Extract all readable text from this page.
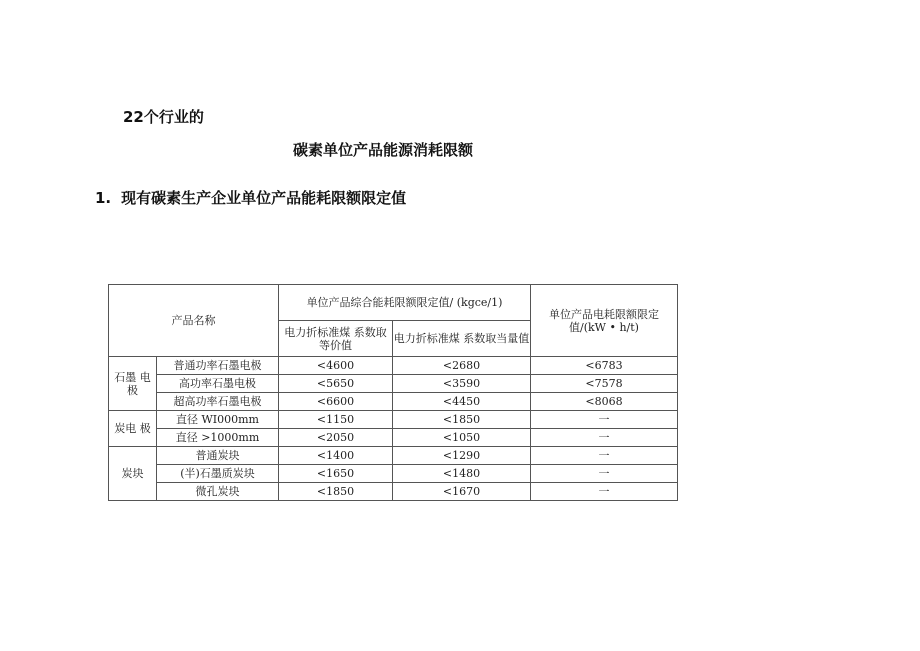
22个行业的
碳素单位产品能源消耗限额
1. 现有碳素生产企业单位产品能耗限额限定值
产品名称		单位产品综合能耗限额限定值/ (kgce/1)		单位产品电耗限额限定值/(kW • h/t)
		电力折标准煤 系数取等价值	电力折标准煤 系数取当量值	
石墨 电极	普通功率石墨电极	<4600	<2680	<6783
	高功率石墨电极	<5650	<3590	<7578
	超高功率石墨电极	<6600	<4450	<8068
炭电 极	直径 WI000mm	<1150	<1850	一
	直径 >1000mm	<2050	<1050	一
炭块	普通炭块	<1400	<1290	一
	(半)石墨质炭块	<1650	<1480	一
	微孔炭块	<1850	<1670	一
